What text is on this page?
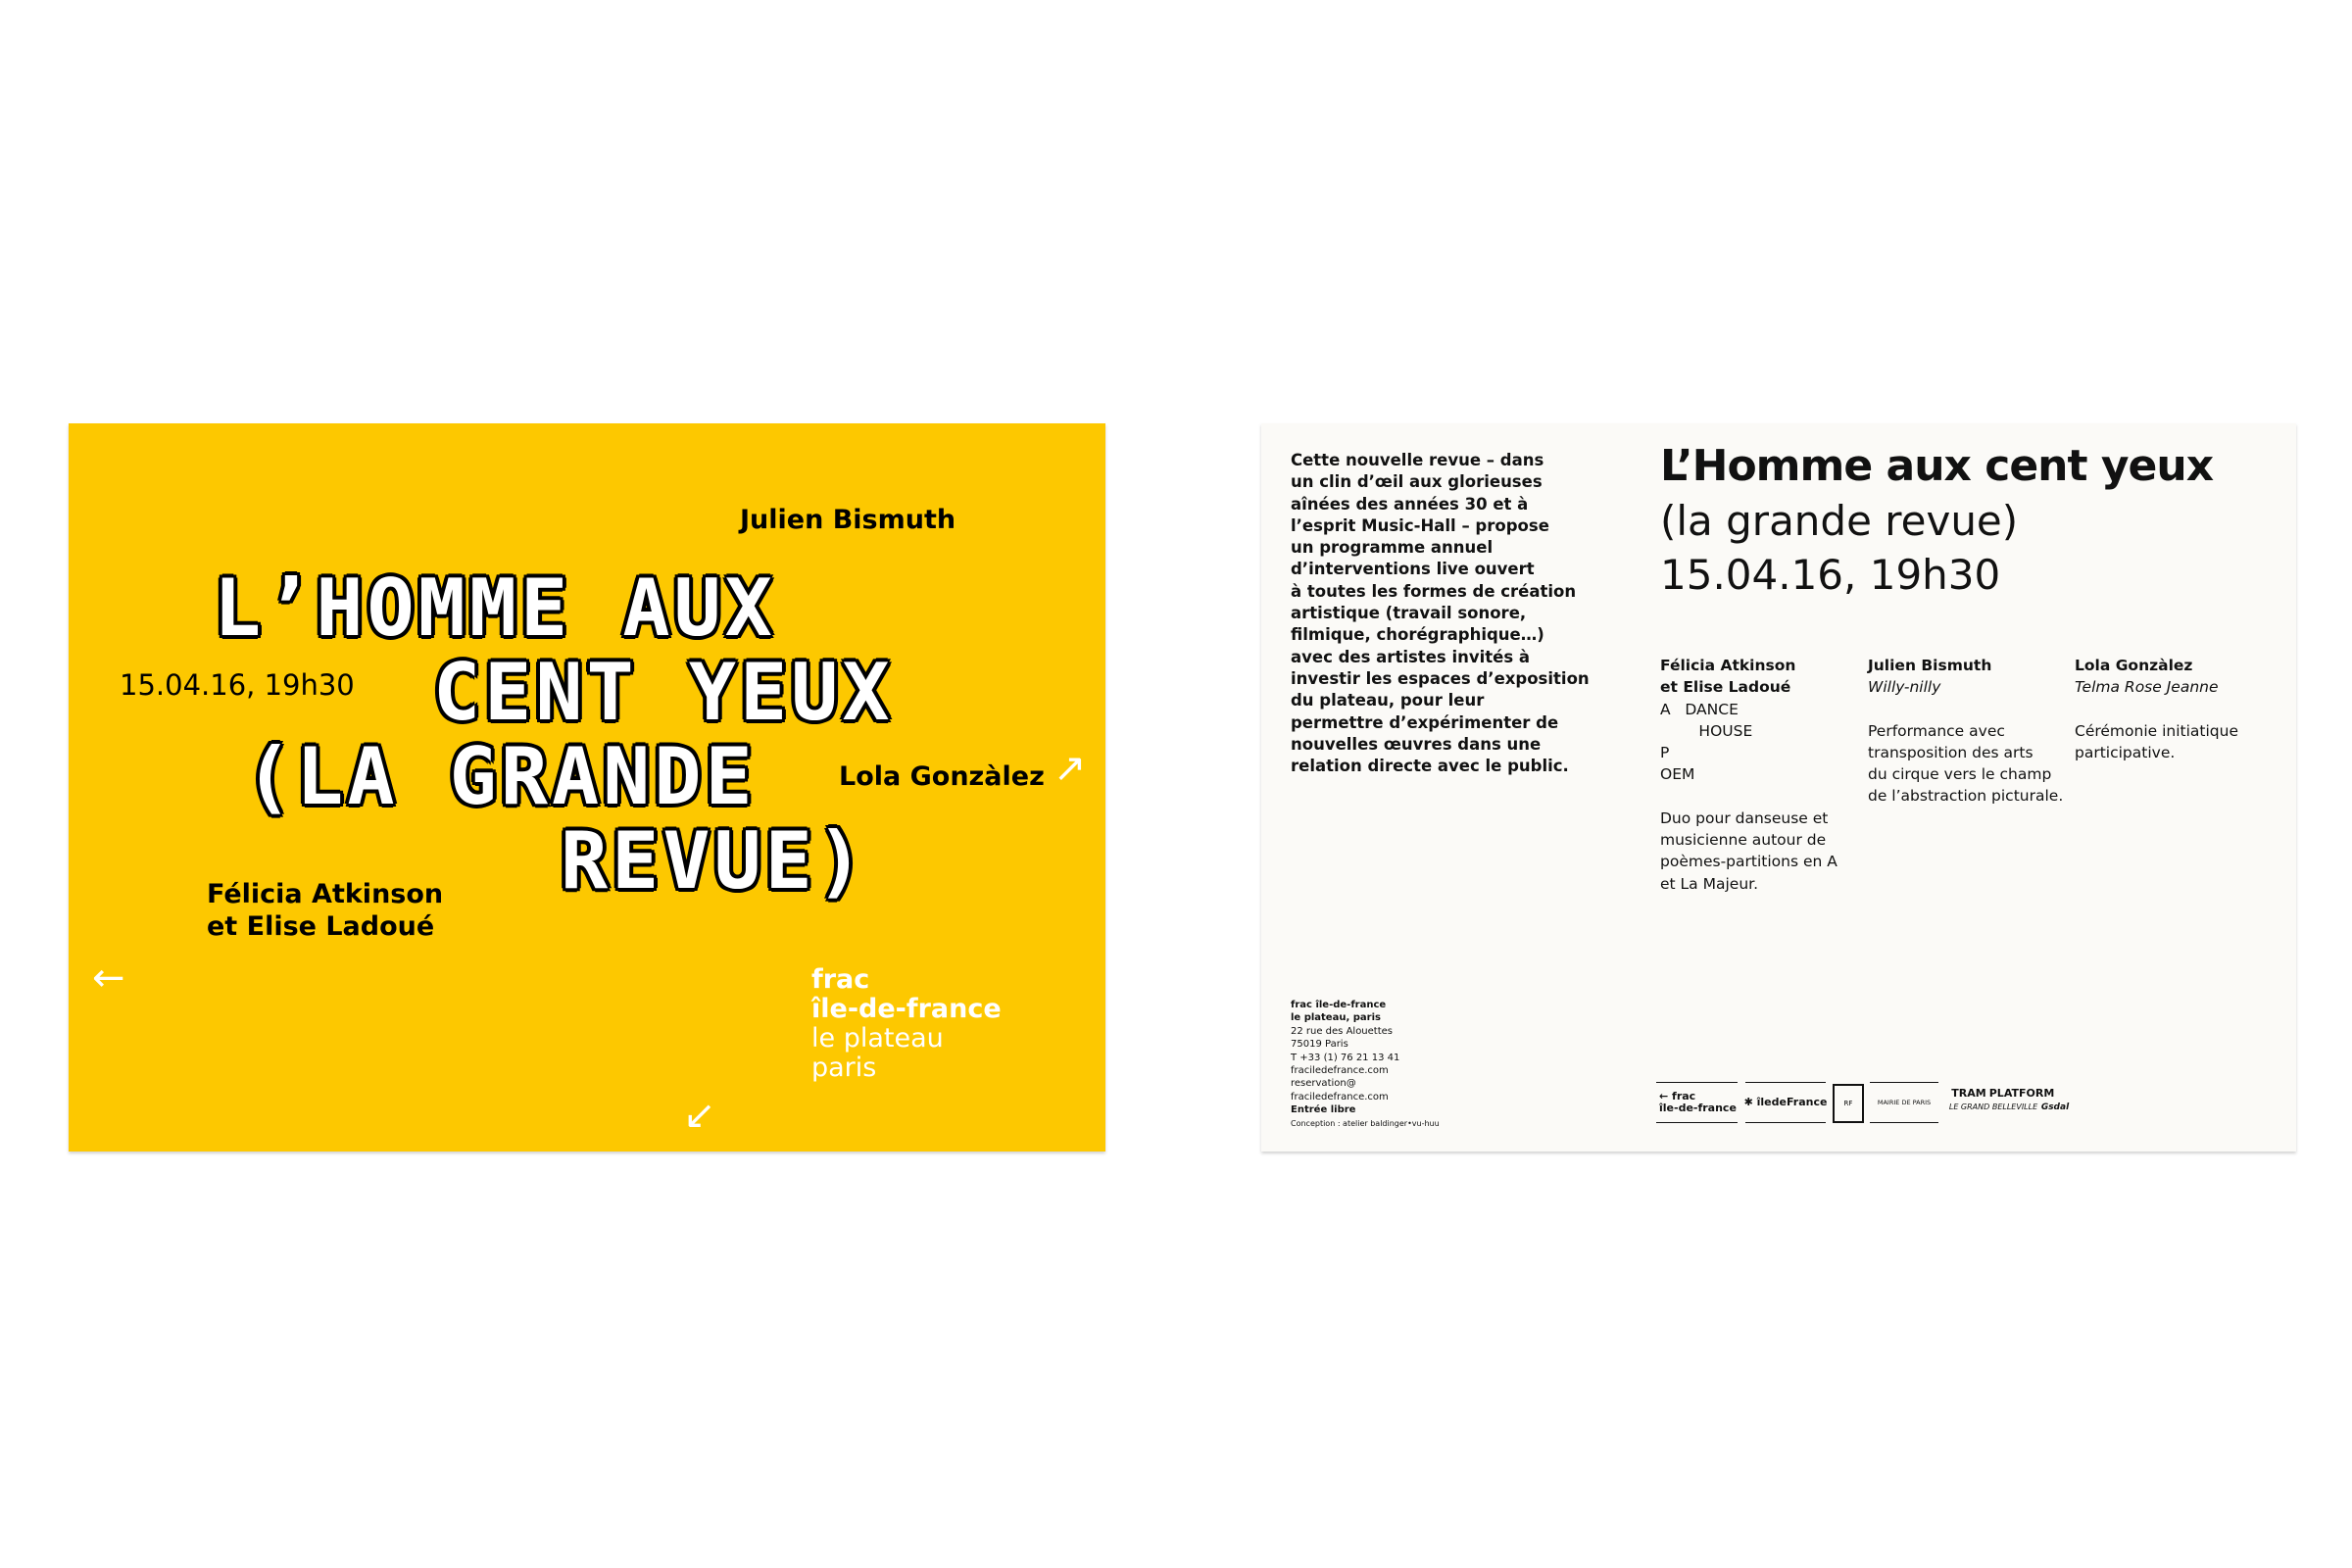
Julien Bismuth
15.04.16, 19h30
Lola Gonzàlez
Félicia Atkinson
et Elise Ladoué
L’HOMME AUX
CENT YEUX
(LA GRANDE
REVUE)
↗
←
↙
frac
île-de-france
le plateau
paris
Cette nouvelle revue – dans
un clin d’œil aux glorieuses
aînées des années 30 et à
l’esprit Music-Hall – propose
un programme annuel
d’interventions live ouvert
à toutes les formes de création
artistique (travail sonore,
filmique, chorégraphique…)
avec des artistes invités à
investir les espaces d’exposition
du plateau, pour leur
permettre d’expérimenter de
nouvelles œuvres dans une
relation directe avec le public.
L’Homme aux cent yeux
(la grande revue)
15.04.16, 19h30
Félicia Atkinson
et Elise Ladoué
A   DANCE
HOUSE
P
OEM
Duo pour danseuse et
musicienne autour de
poèmes-partitions en A
et La Majeur.
Julien Bismuth
Willy-nilly
Performance avec
transposition des arts
du cirque vers le champ
de l’abstraction picturale.
Lola Gonzàlez
Telma Rose Jeanne
Cérémonie initiatique
participative.
frac île-de-france
le plateau, paris
22 rue des Alouettes
75019 Paris
T +33 (1) 76 21 13 41
fraciledefrance.com
reservation@
fraciledefrance.com
Entrée libre
Conception : atelier baldinger•vu-huu
← frac
île-de-france ✱ îledeFrance	RF	MAIRIE DE PARIS
TRAM PLATFORM
LE GRAND BELLEVILLE Gsdal
